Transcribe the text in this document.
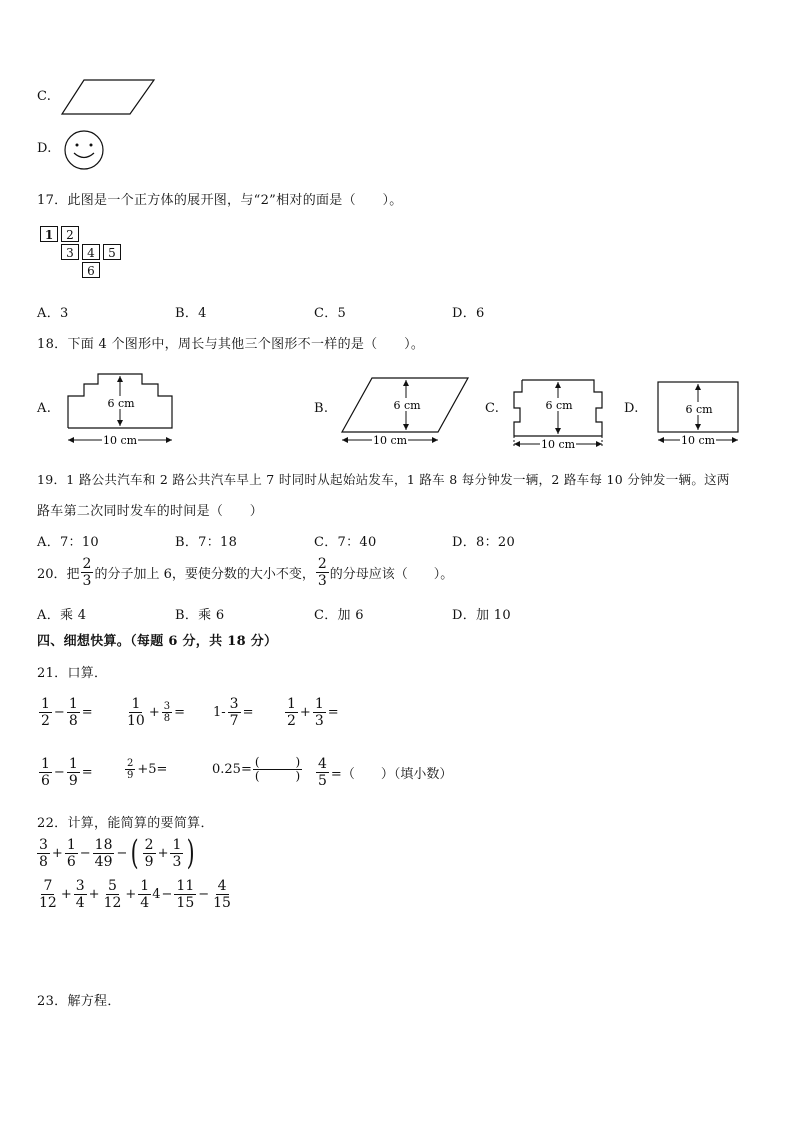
C.
D.
17．此图是一个正方体的展开图，与“2”相对的面是（　　）。
1	2
3	4	5
6
A．3	B．4	C．5	D．6
18．下面 4 个图形中，周长与其他三个图形不一样的是（　　）。
A.	6 cm
10 cm
B.	6 cm
10 cm
C.	6 cm
10 cm
D.	6 cm
10 cm
19．1 路公共汽车和 2 路公共汽车早上 7 时同时从起始站发车，1 路车 8 每分钟发一辆，2 路车每 10 分钟发一辆。这两
路车第二次同时发车的时间是（　　）
A．7：10	B．7：18	C．7：40	D．8：20
20．把 $\frac{2}{3}$ 的分子加上 6，要使分数的大小不变， $\frac{2}{3}$ 的分母应该（　　）。
A．乘 4	B．乘 6	C．加 6	D．加 10
四、细想快算。（每题 6 分，共 18 分）
21．口算．
$\frac{1}{2} - \frac{1}{8} = \frac{1}{10} + \frac{3}{8} = 1- \frac{3}{7} = \frac{1}{2} + \frac{1}{3}$ =
$\frac{1}{6} - \frac{1}{9}$ =	$\frac{2}{9} +5=$	$0.25= \frac{( )}{( )} \frac{4}{5}$ =（　　）（填小数）
22．计算，能简算的要简算．
$\frac{3}{8} + \frac{1}{6} - \frac{18}{49}$ − ( $\frac{2}{9} + \frac{1}{3}$ )
$\frac{7}{12} + \frac{3}{4} + \frac{5}{12} + \frac{1}{4} 4 - \frac{11}{15} - \frac{4}{15}$
23．解方程．
